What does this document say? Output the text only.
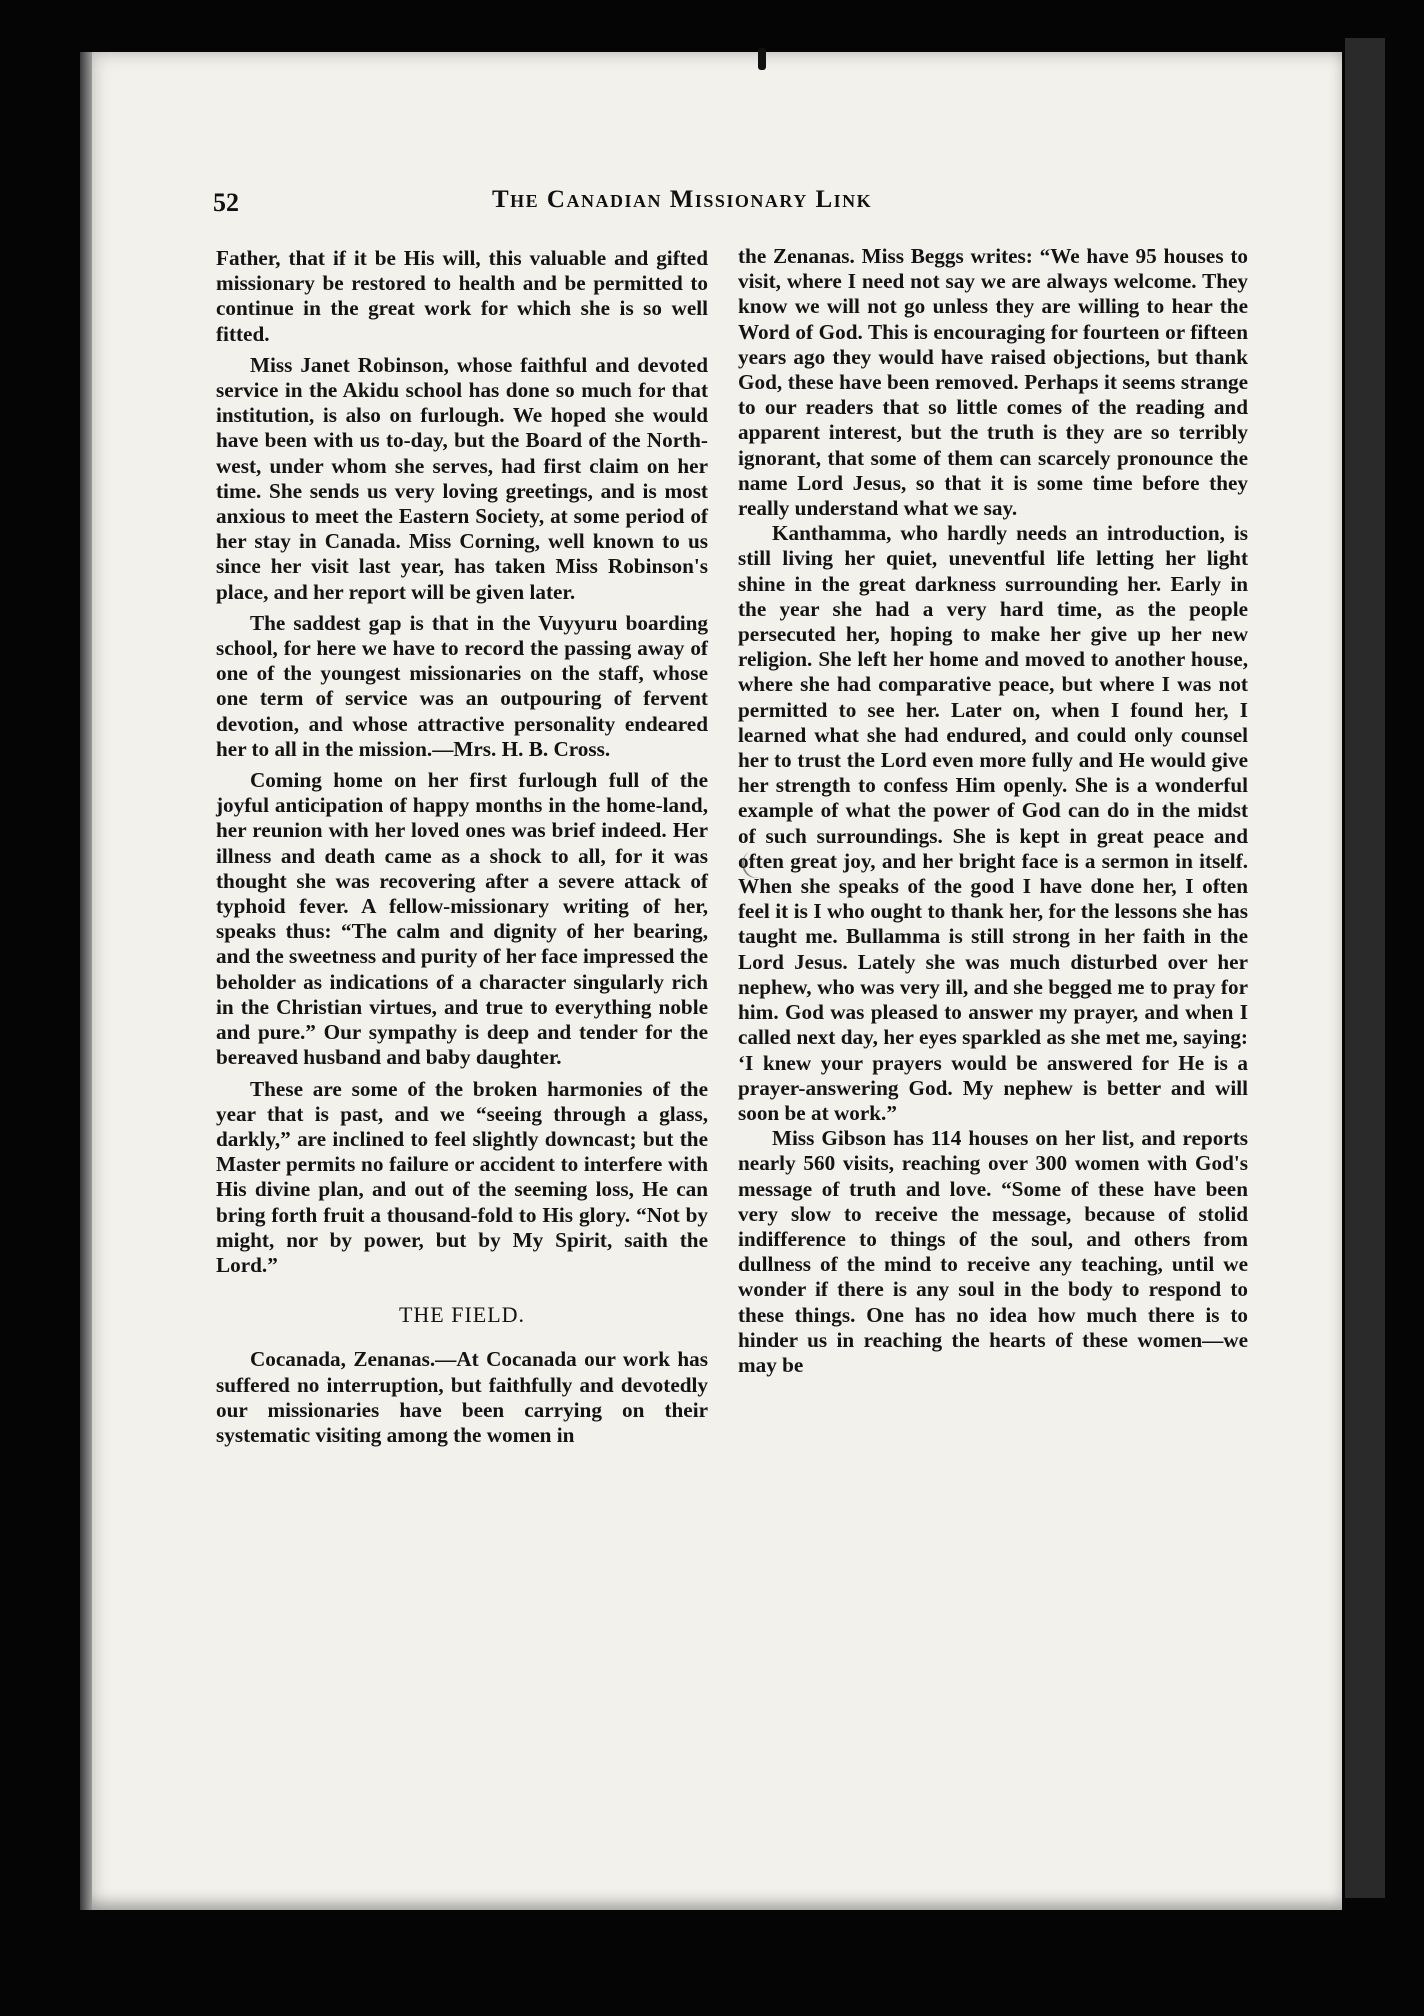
52	The Canadian Missionary Link

Father, that if it be His will, this valuable and gifted missionary be restored to health and be permitted to continue in the great work for which she is so well fitted.

Miss Janet Robinson, whose faithful and devoted service in the Akidu school has done so much for that institution, is also on furlough. We hoped she would have been with us to-day, but the Board of the North-west, under whom she serves, had first claim on her time. She sends us very loving greetings, and is most anxious to meet the Eastern Society, at some period of her stay in Canada. Miss Corning, well known to us since her visit last year, has taken Miss Robinson's place, and her report will be given later.

The saddest gap is that in the Vuyyuru boarding school, for here we have to record the passing away of one of the youngest missionaries on the staff, whose one term of service was an outpouring of fervent devotion, and whose attractive personality endeared her to all in the mission.—Mrs. H. B. Cross.

Coming home on her first furlough full of the joyful anticipation of happy months in the home-land, her reunion with her loved ones was brief indeed. Her illness and death came as a shock to all, for it was thought she was recovering after a severe attack of typhoid fever. A fellow-missionary writing of her, speaks thus: “The calm and dignity of her bearing, and the sweetness and purity of her face impressed the beholder as indications of a character singularly rich in the Christian virtues, and true to everything noble and pure.” Our sympathy is deep and tender for the bereaved husband and baby daughter.

These are some of the broken harmonies of the year that is past, and we “seeing through a glass, darkly,” are inclined to feel slightly downcast; but the Master permits no failure or accident to interfere with His divine plan, and out of the seeming loss, He can bring forth fruit a thousand-fold to His glory. “Not by might, nor by power, but by My Spirit, saith the Lord.”

THE FIELD.

Cocanada, Zenanas.—At Cocanada our work has suffered no interruption, but faithfully and devotedly our missionaries have been carrying on their systematic visiting among the women in

the Zenanas. Miss Beggs writes: “We have 95 houses to visit, where I need not say we are always welcome. They know we will not go unless they are willing to hear the Word of God. This is encouraging for fourteen or fifteen years ago they would have raised objections, but thank God, these have been removed. Perhaps it seems strange to our readers that so little comes of the reading and apparent interest, but the truth is they are so terribly ignorant, that some of them can scarcely pronounce the name Lord Jesus, so that it is some time before they really understand what we say.

Kanthamma, who hardly needs an introduction, is still living her quiet, uneventful life letting her light shine in the great darkness surrounding her. Early in the year she had a very hard time, as the people persecuted her, hoping to make her give up her new religion. She left her home and moved to another house, where she had comparative peace, but where I was not permitted to see her. Later on, when I found her, I learned what she had endured, and could only counsel her to trust the Lord even more fully and He would give her strength to confess Him openly. She is a wonderful example of what the power of God can do in the midst of such surroundings. She is kept in great peace and often great joy, and her bright face is a sermon in itself. When she speaks of the good I have done her, I often feel it is I who ought to thank her, for the lessons she has taught me. Bullamma is still strong in her faith in the Lord Jesus. Lately she was much disturbed over her nephew, who was very ill, and she begged me to pray for him. God was pleased to answer my prayer, and when I called next day, her eyes sparkled as she met me, saying: ‘I knew your prayers would be answered for He is a prayer-answering God. My nephew is better and will soon be at work.”

Miss Gibson has 114 houses on her list, and reports nearly 560 visits, reaching over 300 women with God's message of truth and love. “Some of these have been very slow to receive the message, because of stolid indifference to things of the soul, and others from dullness of the mind to receive any teaching, until we wonder if there is any soul in the body to respond to these things. One has no idea how much there is to hinder us in reaching the hearts of these women—we may be
